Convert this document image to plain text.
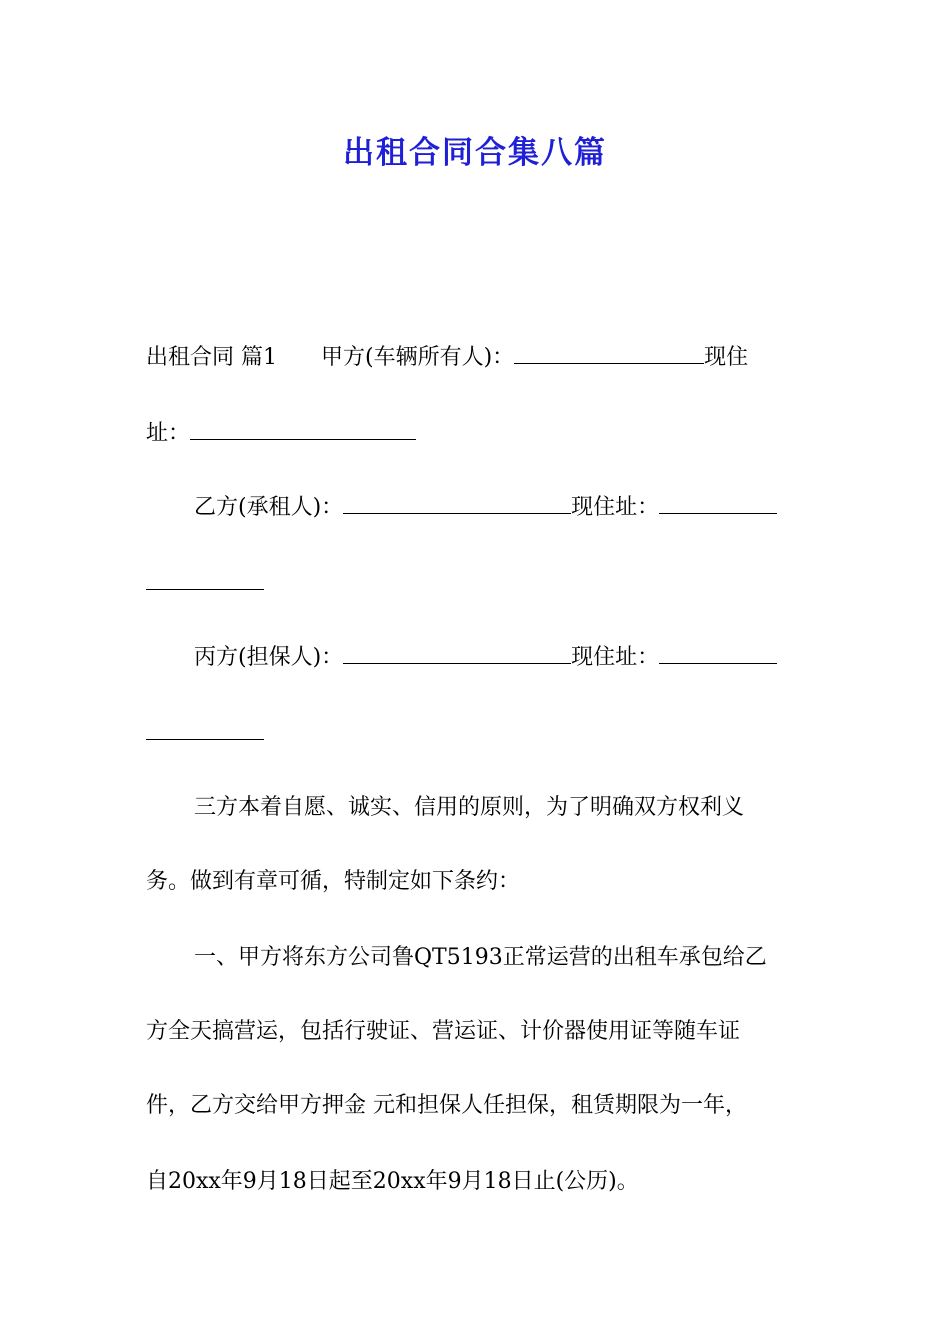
出租合同合集八篇
出租合同 篇1　　甲方(车辆所有人)：	现住
址：
乙方(承租人)：	现住址：
丙方(担保人)：	现住址：
三方本着自愿、诚实、信用的原则，为了明确双方权利义
务。做到有章可循，特制定如下条约：
一、甲方将东方公司鲁QT5193正常运营的出租车承包给乙
方全天搞营运，包括行驶证、营运证、计价器使用证等随车证
件，乙方交给甲方押金 元和担保人任担保，租赁期限为一年，
自20xx年9月18日起至20xx年9月18日止(公历)。
